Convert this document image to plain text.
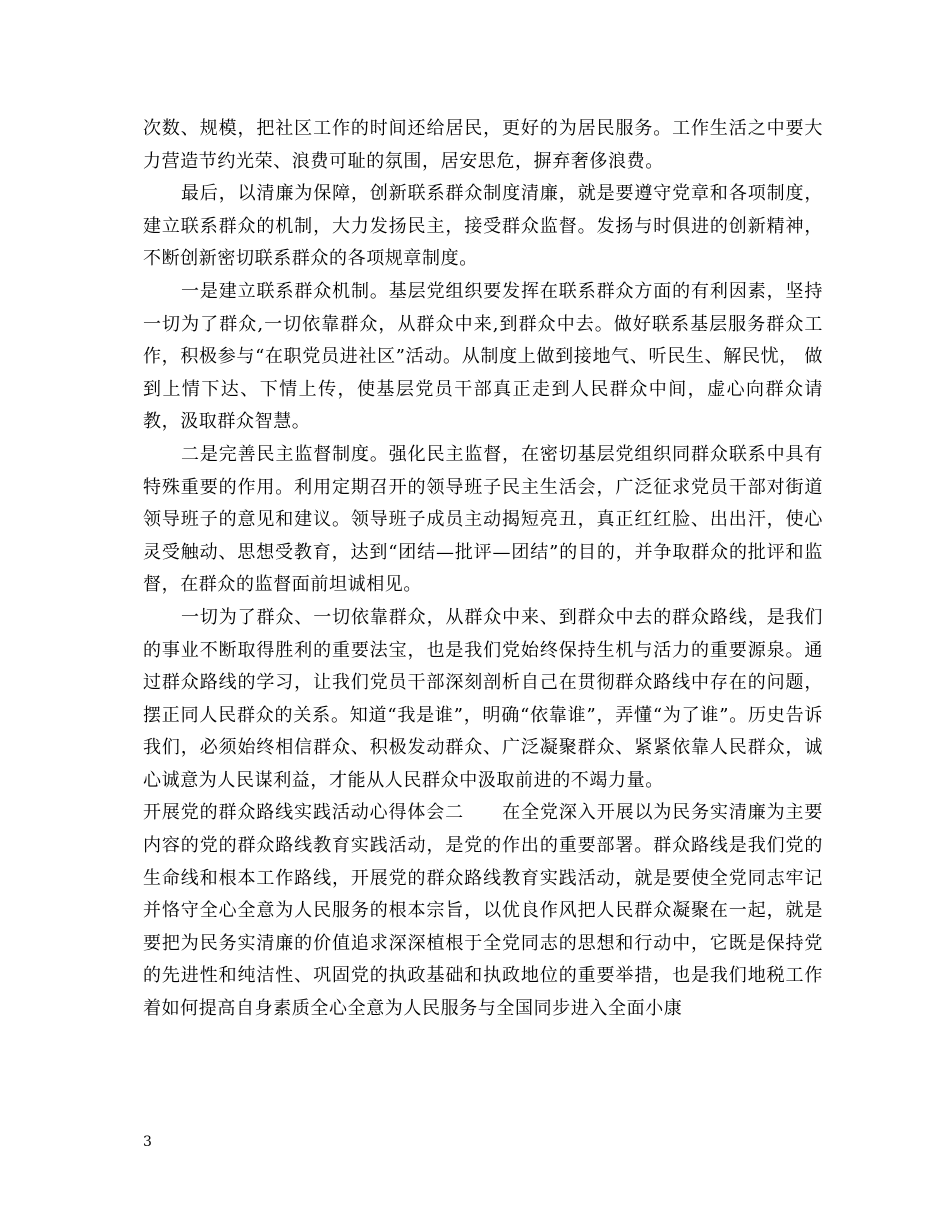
次数、规模，把社区工作的时间还给居民，更好的为居民服务。工作生活之中要大力营造节约光荣、浪费可耻的氛围，居安思危，摒弃奢侈浪费。

最后，以清廉为保障，创新联系群众制度清廉，就是要遵守党章和各项制度，建立联系群众的机制，大力发扬民主，接受群众监督。发扬与时俱进的创新精神，不断创新密切联系群众的各项规章制度。

一是建立联系群众机制。基层党组织要发挥在联系群众方面的有利因素，坚持一切为了群众,一切依靠群众，从群众中来,到群众中去。做好联系基层服务群众工作，积极参与“在职党员进社区”活动。从制度上做到接地气、听民生、解民忧， 做到上情下达、下情上传，使基层党员干部真正走到人民群众中间，虚心向群众请教，汲取群众智慧。

二是完善民主监督制度。强化民主监督，在密切基层党组织同群众联系中具有特殊重要的作用。利用定期召开的领导班子民主生活会，广泛征求党员干部对街道领导班子的意见和建议。领导班子成员主动揭短亮丑，真正红红脸、出出汗，使心灵受触动、思想受教育，达到“团结—批评—团结”的目的，并争取群众的批评和监督，在群众的监督面前坦诚相见。

一切为了群众、一切依靠群众，从群众中来、到群众中去的群众路线，是我们的事业不断取得胜利的重要法宝，也是我们党始终保持生机与活力的重要源泉。通过群众路线的学习，让我们党员干部深刻剖析自己在贯彻群众路线中存在的问题，摆正同人民群众的关系。知道“我是谁”，明确“依靠谁”，弄懂“为了谁”。历史告诉我们，必须始终相信群众、积极发动群众、广泛凝聚群众、紧紧依靠人民群众，诚心诚意为人民谋利益，才能从人民群众中汲取前进的不竭力量。

开展党的群众路线实践活动心得体会二 在全党深入开展以为民务实清廉为主要内容的党的群众路线教育实践活动，是党的作出的重要部署。群众路线是我们党的生命线和根本工作路线，开展党的群众路线教育实践活动，就是要使全党同志牢记并恪守全心全意为人民服务的根本宗旨，以优良作风把人民群众凝聚在一起，就是要把为民务实清廉的价值追求深深植根于全党同志的思想和行动中，它既是保持党的先进性和纯洁性、巩固党的执政基础和执政地位的重要举措，也是我们地税工作着如何提高自身素质全心全意为人民服务与全国同步进入全面小康

3
